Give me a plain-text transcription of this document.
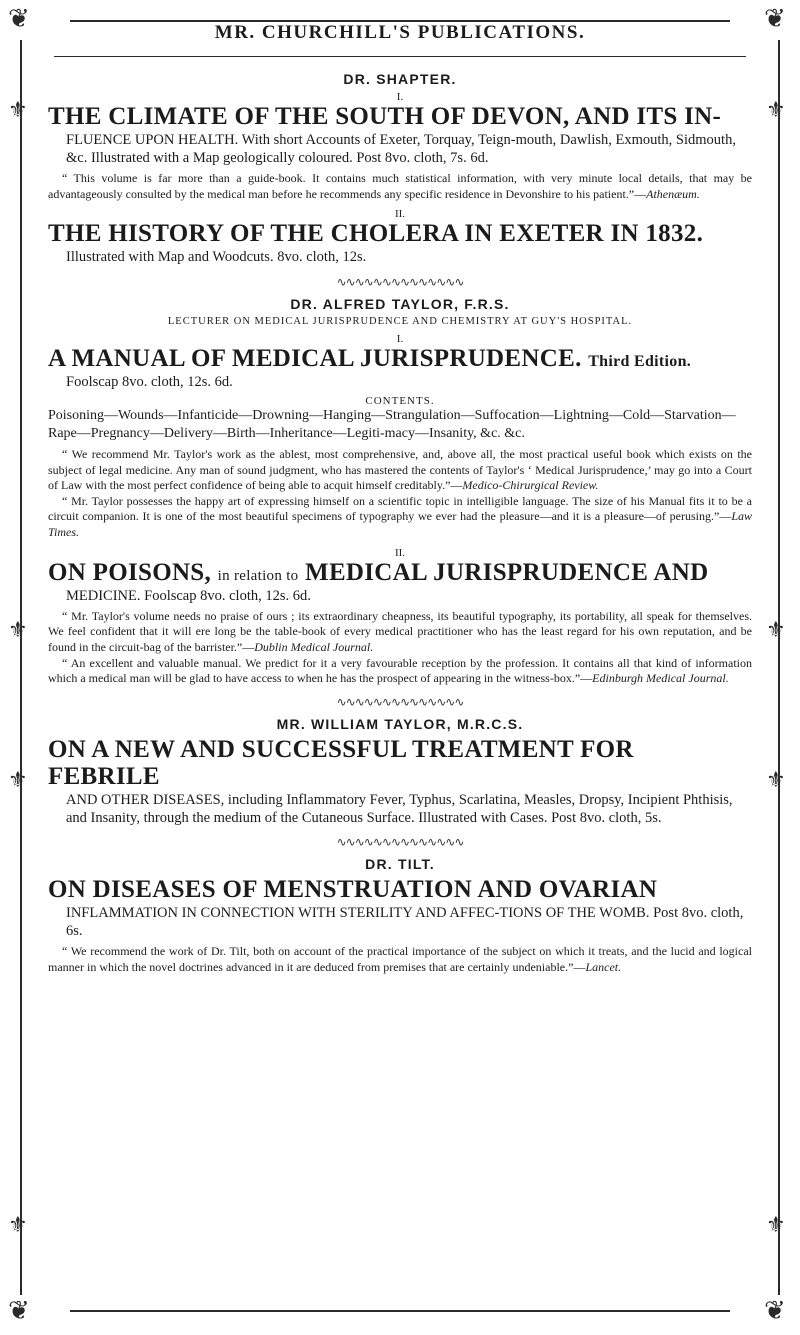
❦	❦
❦	❦
⚜
⚜
⚜
⚜
⚜
⚜
⚜
⚜
MR. CHURCHILL'S PUBLICATIONS.
DR. SHAPTER.
I.
THE CLIMATE OF THE SOUTH OF DEVON, AND ITS IN-
FLUENCE UPON HEALTH. With short Accounts of Exeter, Torquay, Teign-mouth, Dawlish, Exmouth, Sidmouth, &c. Illustrated with a Map geologically coloured. Post 8vo. cloth, 7s. 6d.
“ This volume is far more than a guide-book. It contains much statistical information, with very minute local details, that may be advantageously consulted by the medical man before he recommends any specific residence in Devonshire to his patient.”—Athenæum.
II.
THE HISTORY OF THE CHOLERA IN EXETER IN 1832.
Illustrated with Map and Woodcuts. 8vo. cloth, 12s.
∿∿∿∿∿∿∿∿∿∿∿∿∿∿
DR. ALFRED TAYLOR, F.R.S.
LECTURER ON MEDICAL JURISPRUDENCE AND CHEMISTRY AT GUY'S HOSPITAL.
I.
A MANUAL OF MEDICAL JURISPRUDENCE. Third Edition.
Foolscap 8vo. cloth, 12s. 6d.
CONTENTS.
Poisoning—Wounds—Infanticide—Drowning—Hanging—Strangulation—Suffocation—Lightning—Cold—Starvation—Rape—Pregnancy—Delivery—Birth—Inheritance—Legiti-macy—Insanity, &c. &c.
“ We recommend Mr. Taylor's work as the ablest, most comprehensive, and, above all, the most practical useful book which exists on the subject of legal medicine. Any man of sound judgment, who has mastered the contents of Taylor's ‘ Medical Jurisprudence,’ may go into a Court of Law with the most perfect confidence of being able to acquit himself creditably.”—Medico-Chirurgical Review.
“ Mr. Taylor possesses the happy art of expressing himself on a scientific topic in intelligible language. The size of his Manual fits it to be a circuit companion. It is one of the most beautiful specimens of typography we ever had the pleasure—and it is a pleasure—of perusing.”—Law Times.
II.
ON POISONS, in relation to MEDICAL JURISPRUDENCE AND
MEDICINE. Foolscap 8vo. cloth, 12s. 6d.
“ Mr. Taylor's volume needs no praise of ours ; its extraordinary cheapness, its beautiful typography, its portability, all speak for themselves. We feel confident that it will ere long be the table-book of every medical practitioner who has the least regard for his own reputation, and be found in the circuit-bag of the barrister.”—Dublin Medical Journal.
“ An excellent and valuable manual. We predict for it a very favourable reception by the profession. It contains all that kind of information which a medical man will be glad to have access to when he has the prospect of appearing in the witness-box.”—Edinburgh Medical Journal.
∿∿∿∿∿∿∿∿∿∿∿∿∿∿
MR. WILLIAM TAYLOR, M.R.C.S.
ON A NEW AND SUCCESSFUL TREATMENT FOR FEBRILE
AND OTHER DISEASES, including Inflammatory Fever, Typhus, Scarlatina, Measles, Dropsy, Incipient Phthisis, and Insanity, through the medium of the Cutaneous Surface. Illustrated with Cases. Post 8vo. cloth, 5s.
∿∿∿∿∿∿∿∿∿∿∿∿∿∿
DR. TILT.
ON DISEASES OF MENSTRUATION AND OVARIAN
INFLAMMATION IN CONNECTION WITH STERILITY AND AFFEC-TIONS OF THE WOMB. Post 8vo. cloth, 6s.
“ We recommend the work of Dr. Tilt, both on account of the practical importance of the subject on which it treats, and the lucid and logical manner in which the novel doctrines advanced in it are deduced from premises that are certainly undeniable.”—Lancet.
